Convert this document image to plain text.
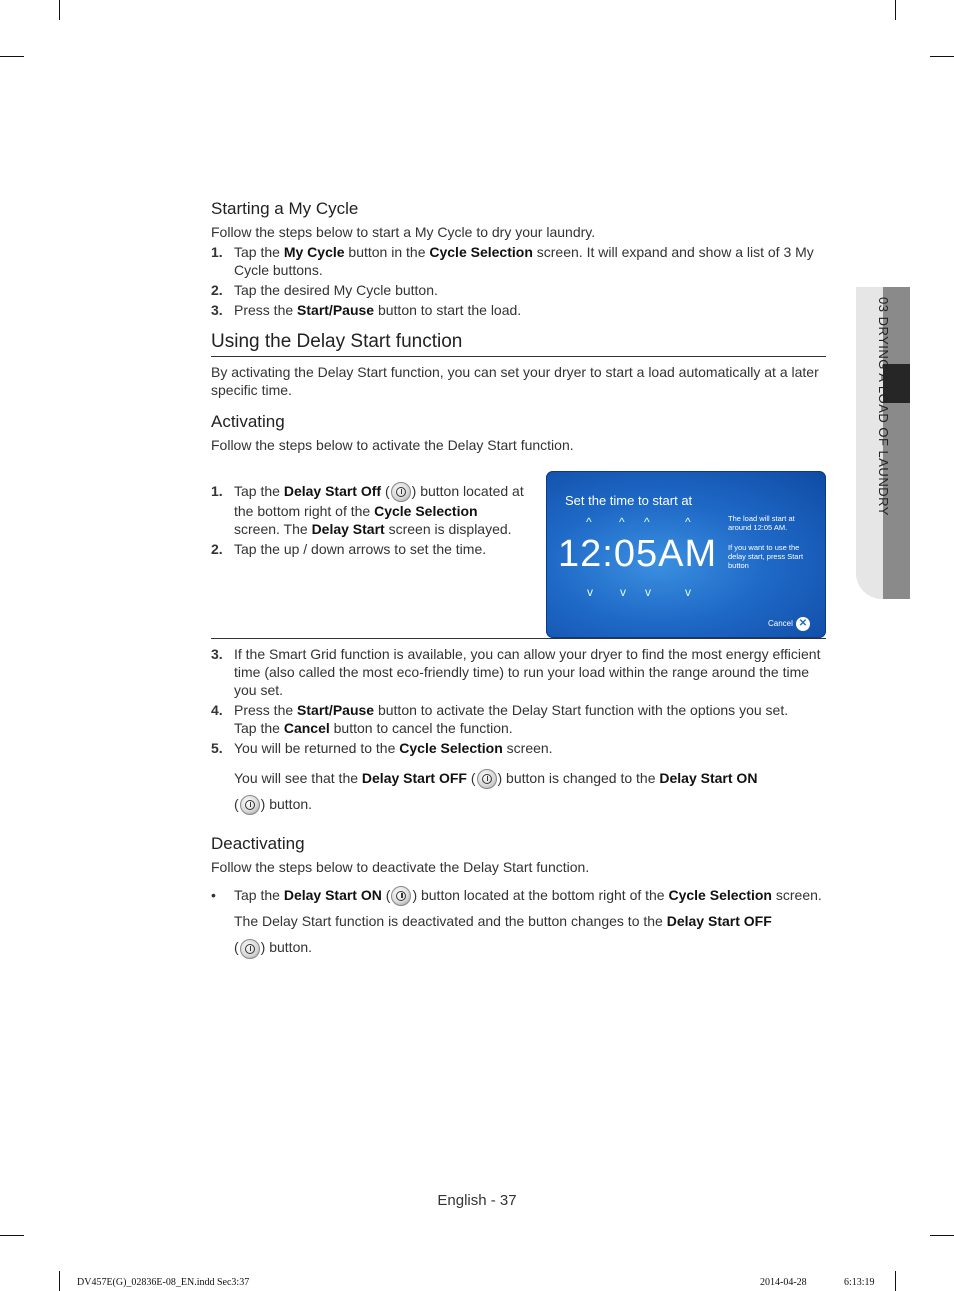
03 DRYING A LOAD OF LAUNDRY

Starting a My Cycle

Follow the steps below to start a My Cycle to dry your laundry.

1. Tap the My Cycle button in the Cycle Selection screen. It will expand and show a list of 3 My Cycle buttons.
2. Tap the desired My Cycle button.
3. Press the Start/Pause button to start the load.

Using the Delay Start function

By activating the Delay Start function, you can set your dryer to start a load automatically at a later specific time.

Activating

Follow the steps below to activate the Delay Start function.

1. Tap the Delay Start Off ( ) button located at the bottom right of the Cycle Selection screen. The Delay Start screen is displayed.
2. Tap the up / down arrows to set the time.
3. If the Smart Grid function is available, you can allow your dryer to find the most energy efficient time (also called the most eco-friendly time) to run your load within the range around the time you set.
4. Press the Start/Pause button to activate the Delay Start function with the options you set.
Tap the Cancel button to cancel the function.
5. You will be returned to the Cycle Selection screen.
You will see that the Delay Start OFF ( ) button is changed to the Delay Start ON
( ) button.

Deactivating

Follow the steps below to deactivate the Delay Start function.

• Tap the Delay Start ON ( ) button located at the bottom right of the Cycle Selection screen.
The Delay Start function is deactivated and the button changes to the Delay Start OFF
( ) button.
Set the time to start at
^ ^ ^	^
12:05AM
v v v	v
The load will start at around 12:05 AM.
If you want to use the delay start, press Start button
Cancel ✕
English - 37
DV457E(G)_02836E-08_EN.indd Sec3:37	2014-04-28	6:13:19
